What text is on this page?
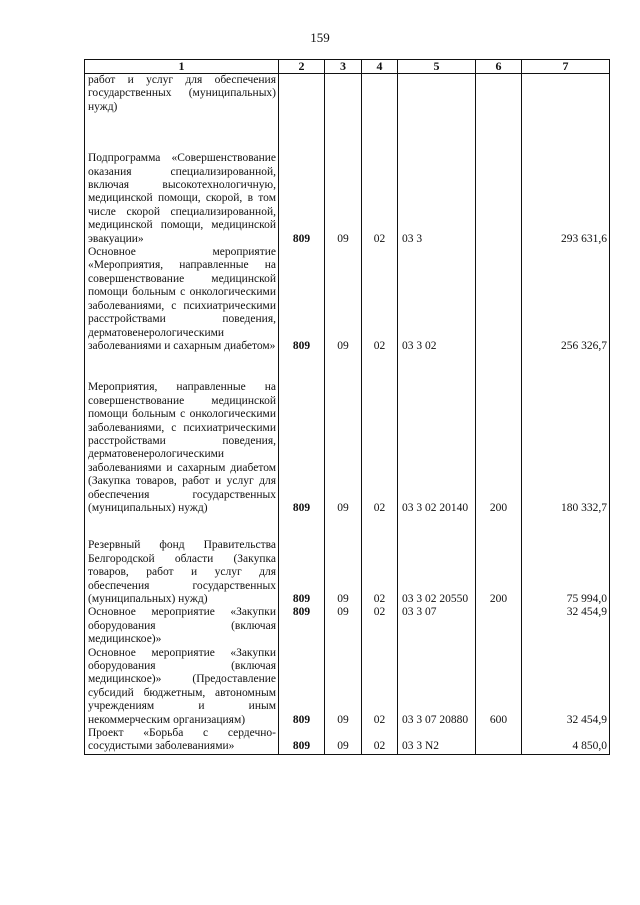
159
1	2	3	4	5	6	7
работ и услуг для обеспечения государственных (муниципальных) нужд)						
Подпрограмма «Совершенствование оказания специализированной, включая высокотехнологичную, медицинской помощи, скорой, в том числе скорой специализированной, медицинской помощи, медицинской эвакуации»	809	09	02	03 3		293 631,6
Основное мероприятие «Мероприятия, направленные на совершенствование медицинской помощи больным с онкологическими заболеваниями, с психиатрическими расстройствами поведения, дерматовенерологическими заболеваниями и сахарным диабетом»	809	09	02	03 3 02		256 326,7
Мероприятия, направленные на совершенствование медицинской помощи больным с онкологическими заболеваниями, с психиатрическими расстройствами поведения, дерматовенерологическими заболеваниями и сахарным диабетом (Закупка товаров, работ и услуг для обеспечения государственных (муниципальных) нужд)	809	09	02	03 3 02 20140	200	180 332,7
Резервный фонд Правительства Белгородской области (Закупка товаров, работ и услуг для обеспечения государственных (муниципальных) нужд)	809	09	02	03 3 02 20550	200	75 994,0
Основное мероприятие «Закупки оборудования (включая медицинское)»	809	09	02	03 3 07		32 454,9
Основное мероприятие «Закупки оборудования (включая медицинское)» (Предоставление субсидий бюджетным, автономным учреждениям и иным некоммерческим организациям)	809	09	02	03 3 07 20880	600	32 454,9
Проект «Борьба с сердечно-сосудистыми заболеваниями»	809	09	02	03 3 N2		4 850,0
